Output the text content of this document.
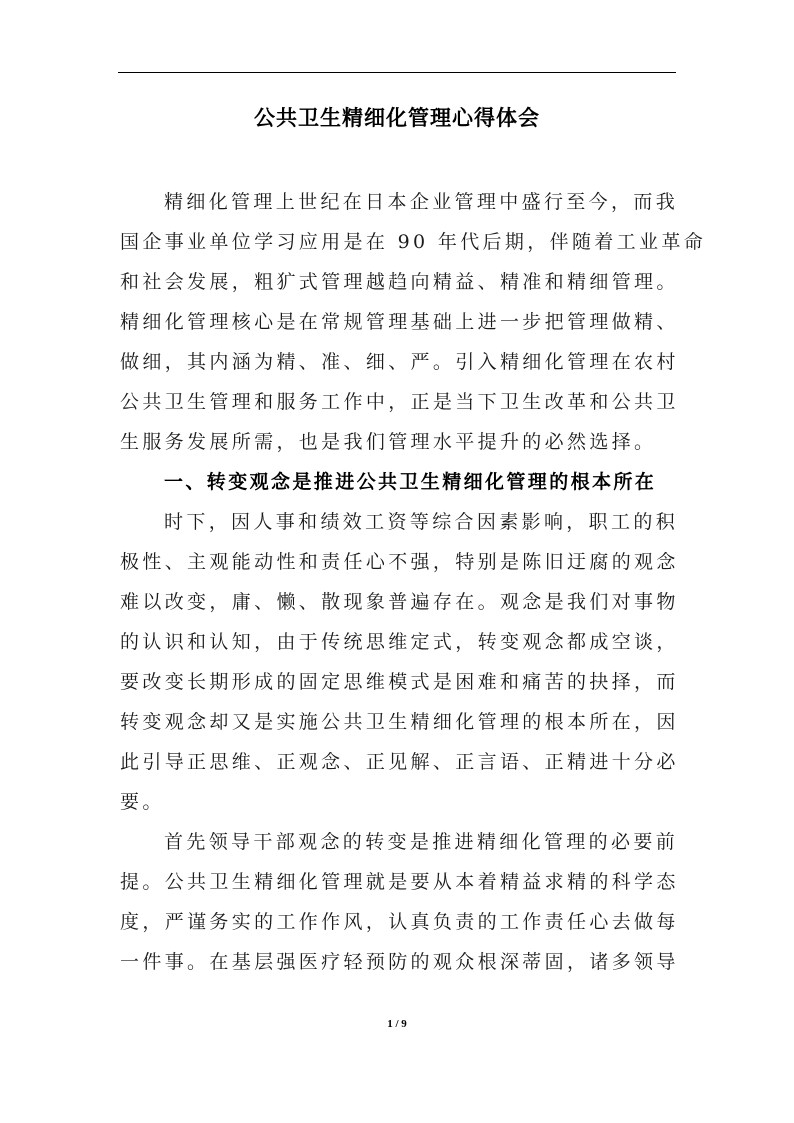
公共卫生精细化管理心得体会
精细化管理上世纪在日本企业管理中盛行至今，而我
国企事业单位学习应用是在 90 年代后期，伴随着工业革命
和社会发展，粗犷式管理越趋向精益、精准和精细管理。
精细化管理核心是在常规管理基础上进一步把管理做精、
做细，其内涵为精、准、细、严。引入精细化管理在农村
公共卫生管理和服务工作中，正是当下卫生改革和公共卫
生服务发展所需，也是我们管理水平提升的必然选择。
一、转变观念是推进公共卫生精细化管理的根本所在
时下，因人事和绩效工资等综合因素影响，职工的积
极性、主观能动性和责任心不强，特别是陈旧迂腐的观念
难以改变，庸、懒、散现象普遍存在。观念是我们对事物
的认识和认知，由于传统思维定式，转变观念都成空谈，
要改变长期形成的固定思维模式是困难和痛苦的抉择，而
转变观念却又是实施公共卫生精细化管理的根本所在，因
此引导正思维、正观念、正见解、正言语、正精进十分必
要。
首先领导干部观念的转变是推进精细化管理的必要前
提。公共卫生精细化管理就是要从本着精益求精的科学态
度，严谨务实的工作作风，认真负责的工作责任心去做每
一件事。在基层强医疗轻预防的观众根深蒂固，诸多领导
1 / 9
